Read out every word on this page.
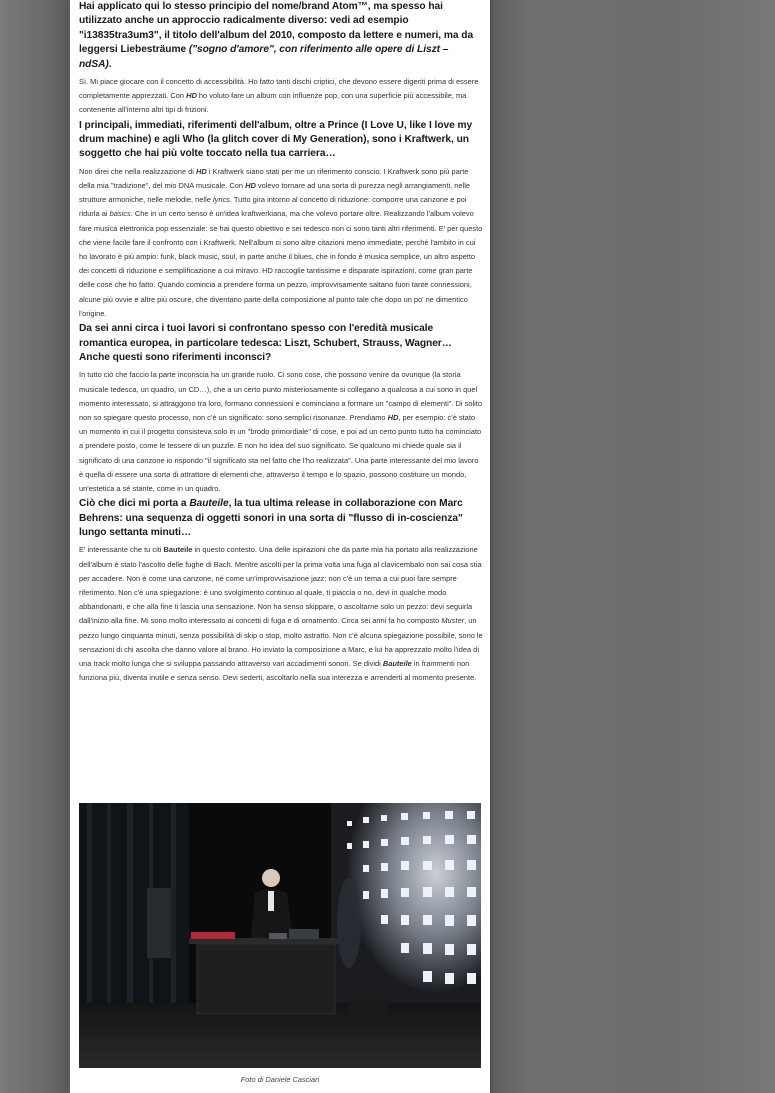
Hai applicato qui lo stesso principio del nome/brand Atom™, ma spesso hai utilizzato anche un approccio radicalmente diverso: vedi ad esempio "i13835tra3um3", il titolo dell'album del 2010, composto da lettere e numeri, ma da leggersi Liebesträume ("sogno d'amore", con riferimento alle opere di Liszt – ndSA).

Sì. Mi piace giocare con il concetto di accessibilità. Ho fatto tanti dischi criptici, che devono essere digeriti prima di essere completamente apprezzati. Con HD ho voluto fare un album con influenze pop, con una superficie più accessibile, ma contenente all'interno altri tipi di frizioni.

I principali, immediati, riferimenti dell'album, oltre a Prince (I Love U, like I love my drum machine) e agli Who (la glitch cover di My Generation), sono i Kraftwerk, un soggetto che hai più volte toccato nella tua carriera…

Non direi che nella realizzazione di HD i Kraftwerk siano stati per me un riferimento conscio. I Kraftwerk sono più parte della mia "tradizione", del mio DNA musicale. Con HD volevo tornare ad una sorta di purezza negli arrangiamenti, nelle strutture armoniche, nelle melodie, nelle lyrics. Tutto gira intorno al concetto di riduzione: comporre una canzone e poi ridurla ai basics. Che in un certo senso è un'idea kraftwerkiana, ma che volevo portare oltre. Realizzando l'album volevo fare musica elettronica pop essenziale: se hai questo obiettivo e sei tedesco non ci sono tanti altri riferimenti. E' per questo che viene facile fare il confronto con i Kraftwerk. Nell'album ci sono altre citazioni meno immediate, perché l'ambito in cui ho lavorato è più ampio: funk, black music, soul, in parte anche il blues, che in fondo è musica semplice, un altro aspetto dei concetti di riduzione e semplificazione a cui miravo. HD raccoglie tantissime e disparate ispirazioni, come gran parte delle cose che ho fatto. Quando comincia a prendere forma un pezzo, improvvisamente saltano fuori tante connessioni, alcune più ovvie e altre più oscure, che diventano parte della composizione al punto tale che dopo un po' ne dimentico l'origine.

Da sei anni circa i tuoi lavori si confrontano spesso con l'eredità musicale romantica europea, in particolare tedesca: Liszt, Schubert, Strauss, Wagner… Anche questi sono riferimenti inconsci?

In tutto ciò che faccio la parte inconscia ha un grande ruolo. Ci sono cose, che possono venire da ovunque (la storia musicale tedesca, un quadro, un CD…), che a un certo punto misteriosamente si collegano a qualcosa a cui sono in quel momento interessato, si attraggono tra loro, formano connessioni e cominciano a formare un "campo di elementi". Di solito non so spiegare questo processo, non c'è un significato: sono semplici risonanze. Prendiamo HD, per esempio: c'è stato un momento in cui il progetto consisteva solo in un "brodo primordiale" di cose, e poi ad un certo punto tutto ha cominciato a prendere posto, come le tessere di un puzzle. E non ho idea del suo significato. Se qualcuno mi chiede quale sia il significato di una canzone io rispondo "il significato sta nel fatto che l'ho realizzata". Una parte interessante del mio lavoro è quella di essere una sorta di attrattore di elementi che, attraverso il tempo e lo spazio, possono costituire un mondo, un'estetica a sé stante, come in un quadro.

Ciò che dici mi porta a Bauteile, la tua ultima release in collaborazione con Marc Behrens: una sequenza di oggetti sonori in una sorta di "flusso di in-coscienza" lungo settanta minuti…

E' interessante che tu citi Bauteile in questo contesto. Una delle ispirazioni che da parte mia ha portato alla realizzazione dell'album è stato l'ascolto delle fughe di Bach. Mentre ascolti per la prima volta una fuga al clavicembalo non sai cosa stia per accadere. Non è come una canzone, né come un'improvvisazione jazz: non c'è un tema a cui puoi fare sempre riferimento. Non c'è una spiegazione: è uno svolgimento continuo al quale, ti piaccia o no, devi in qualche modo abbandonarti, e che alla fine ti lascia una sensazione. Non ha senso skippare, o ascoltarne solo un pezzo: devi seguirla dall'inizio alla fine. Mi sono molto interessato ai concetti di fuga e di ornamento. Circa sei anni fa ho composto Muster, un pezzo lungo cinquanta minuti, senza possibilità di skip o stop, molto astratto. Non c'è alcuna spiegazione possibile, sono le sensazioni di chi ascolta che danno valore al brano. Ho inviato la composizione a Marc, e lui ha apprezzato molto l'idea di una track molto lunga che si sviluppa passando attraverso vari accadimenti sonori. Se dividi Bauteile in frammenti non funziona più, diventa inutile e senza senso. Devi sederti, ascoltarlo nella sua interezza e arrenderti al momento presente.

Foto di Daniele Casciari
